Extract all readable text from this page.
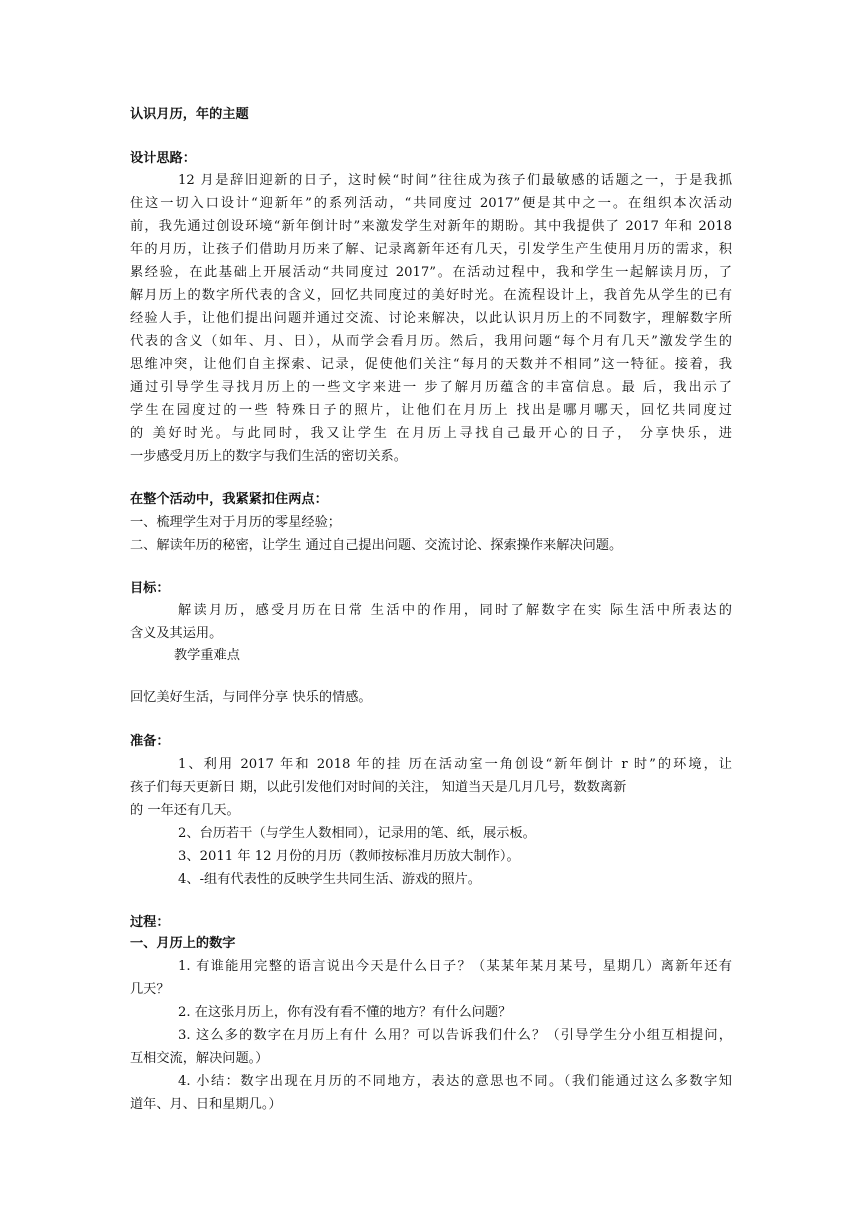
认识月历，年的主题
设计思路：
12 月是辞旧迎新的日子，这时候“时间”往往成为孩子们最敏感的话题之一，于是我抓
住这一切入口设计“迎新年”的系列活动，“共同度过 2017”便是其中之一。在组织本次活动
前，我先通过创设环境“新年倒计时”来激发学生对新年的期盼。其中我提供了 2017 年和 2018
年的月历，让孩子们借助月历来了解、记录离新年还有几天，引发学生产生使用月历的需求，积
累经验，在此基础上开展活动“共同度过 2017”。在活动过程中，我和学生一起解读月历，了
解月历上的数字所代表的含义，回忆共同度过的美好时光。在流程设计上，我首先从学生的已有
经验人手，让他们提出问题并通过交流、讨论来解决，以此认识月历上的不同数字，理解数字所
代表的含义（如年、月、日），从而学会看月历。然后，我用问题“每个月有几天”激发学生的
思维冲突，让他们自主探索、记录，促使他们关注“每月的天数并不相同”这一特征。接着，我
通过引导学生寻找月历上的一些文字来进一 步了解月历蕴含的丰富信息。最 后，我出示了
学生在园度过的一些 特殊日子的照片，让他们在月历上 找出是哪月哪天，回忆共同度过
的 美好时光。与此同时，我又让学生 在月历上寻找自己最开心的日子， 分享快乐，进
一步感受月历上的数字与我们生活的密切关系。
在整个活动中，我紧紧扣住两点：
一、梳理学生对于月历的零星经验；
二、解读年历的秘密，让学生 通过自己提出问题、交流讨论、探索操作来解决问题。
目标：
解读月历，感受月历在日常 生活中的作用，同时了解数字在实 际生活中所表达的
含义及其运用。
教学重难点
回忆美好生活，与同伴分享 快乐的情感。
准备：
1、利用 2017 年和 2018 年的挂 历在活动室一角创设“新年倒计 r 时”的环境，让
孩子们每天更新日 期，以此引发他们对时间的关注， 知道当天是几月几号，数数离新
的 一年还有几天。
2、台历若干（与学生人数相同），记录用的笔、纸，展示板。
3、2011 年 12 月份的月历（教师按标准月历放大制作）。
4、-组有代表性的反映学生共同生活、游戏的照片。
过程：
一、月历上的数字
1. 有谁能用完整的语言说出今天是什么日子？（某某年某月某号，星期几）离新年还有
几天？
2. 在这张月历上，你有没有看不懂的地方？有什么问题？
3. 这么多的数字在月历上有什 么用？可以告诉我们什么？（引导学生分小组互相提问，
互相交流，解决问题。）
4. 小结：数字出现在月历的不同地方，表达的意思也不同。（我们能通过这么多数字知
道年、月、日和星期几。）
